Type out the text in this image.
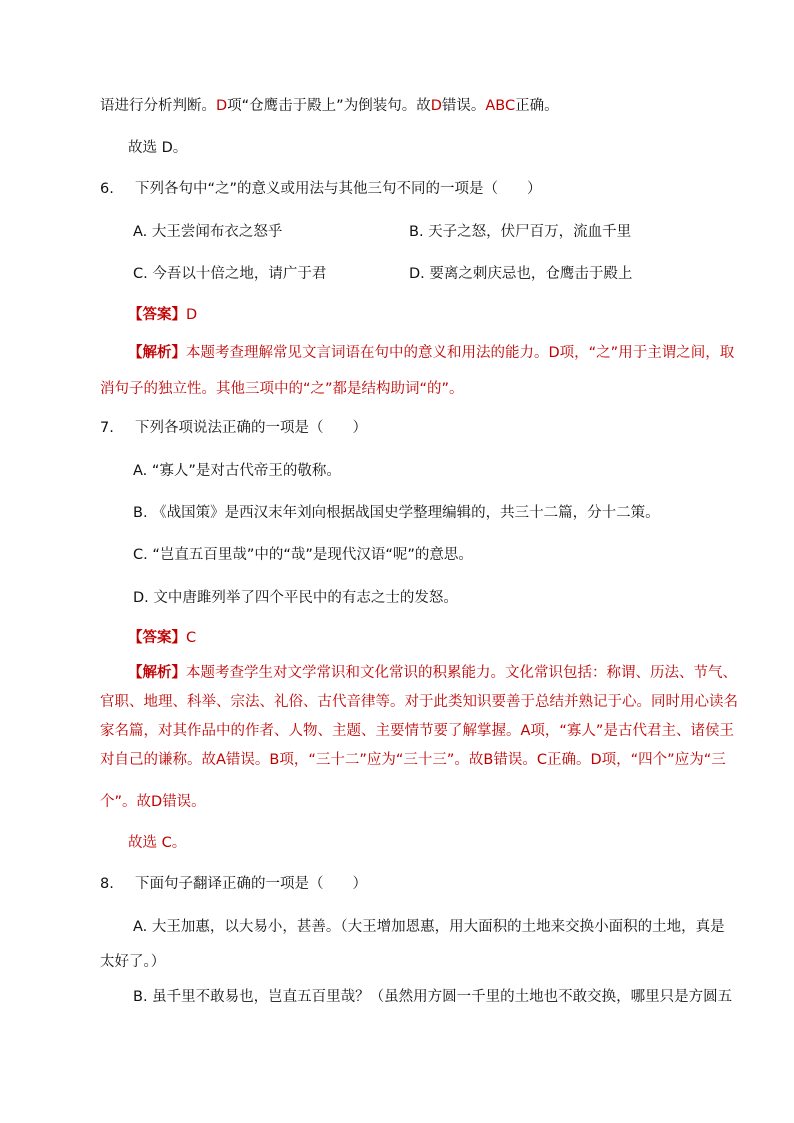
语进行分析判断。D项“仓鹰击于殿上”为倒装句。故D错误。ABC正确。
故选 D。
6. 下列各句中“之”的意义或用法与其他三句不同的一项是（　　）
A. 大王尝闻布衣之怒乎	B. 天子之怒，伏尸百万，流血千里
C. 今吾以十倍之地，请广于君	D. 要离之刺庆忌也，仓鹰击于殿上
【答案】D
【解析】本题考查理解常见文言词语在句中的意义和用法的能力。D项，“之”用于主谓之间，取
消句子的独立性。其他三项中的“之”都是结构助词“的”。
7. 下列各项说法正确的一项是（　　）
A. “寡人”是对古代帝王的敬称。
B. 《战国策》是西汉末年刘向根据战国史学整理编辑的，共三十二篇，分十二策。
C. “岂直五百里哉”中的“哉”是现代汉语“呢”的意思。
D. 文中唐雎列举了四个平民中的有志之士的发怒。
【答案】C
【解析】本题考查学生对文学常识和文化常识的积累能力。文化常识包括：称谓、历法、节气、
官职、地理、科举、宗法、礼俗、古代音律等。对于此类知识要善于总结并熟记于心。同时用心读名
家名篇，对其作品中的作者、人物、主题、主要情节要了解掌握。A项，“寡人”是古代君主、诸侯王
对自己的谦称。故A错误。B项，“三十二”应为“三十三”。故B错误。C正确。D项，“四个”应为“三
个”。故D错误。
故选 C。
8. 下面句子翻译正确的一项是（　　）
A. 大王加惠，以大易小，甚善。（大王增加恩惠，用大面积的土地来交换小面积的土地，真是
太好了。）
B. 虽千里不敢易也，岂直五百里哉？（虽然用方圆一千里的土地也不敢交换，哪里只是方圆五
